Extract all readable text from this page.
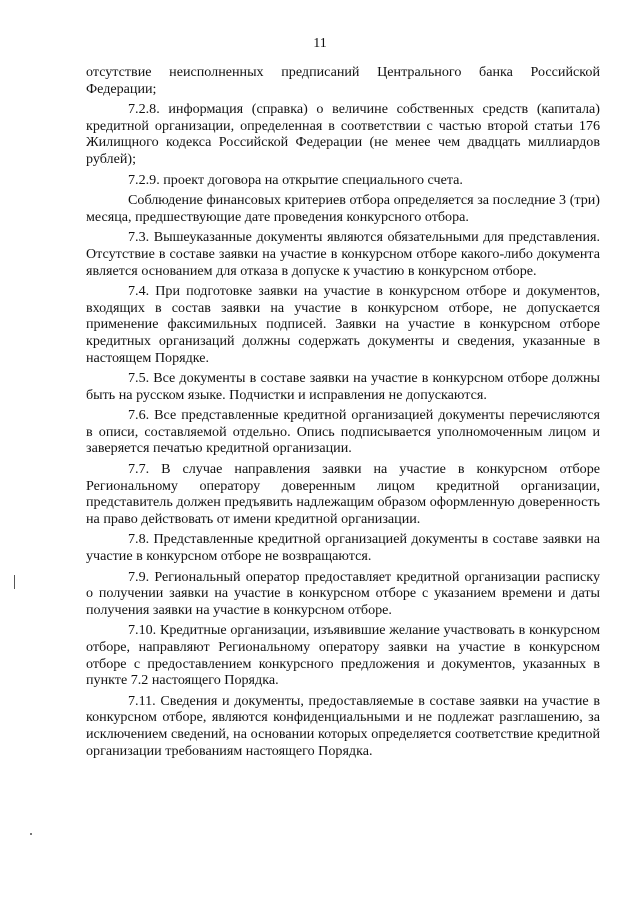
11

отсутствие неисполненных предписаний Центрального банка Российской Федерации;

7.2.8. информация (справка) о величине собственных средств (капитала) кредитной организации, определенная в соответствии с частью второй статьи 176 Жилищного кодекса Российской Федерации (не менее чем двадцать миллиардов рублей);

7.2.9. проект договора на открытие специального счета.

Соблюдение финансовых критериев отбора определяется за последние 3 (три) месяца, предшествующие дате проведения конкурсного отбора.

7.3. Вышеуказанные документы являются обязательными для представления. Отсутствие в составе заявки на участие в конкурсном отборе какого-либо документа является основанием для отказа в допуске к участию в конкурсном отборе.

7.4. При подготовке заявки на участие в конкурсном отборе и документов, входящих в состав заявки на участие в конкурсном отборе, не допускается применение факсимильных подписей. Заявки на участие в конкурсном отборе кредитных организаций должны содержать документы и сведения, указанные в настоящем Порядке.

7.5. Все документы в составе заявки на участие в конкурсном отборе должны быть на русском языке. Подчистки и исправления не допускаются.

7.6. Все представленные кредитной организацией документы перечисляются в описи, составляемой отдельно. Опись подписывается уполномоченным лицом и заверяется печатью кредитной организации.

7.7. В случае направления заявки на участие в конкурсном отборе Региональному оператору доверенным лицом кредитной организации, представитель должен предъявить надлежащим образом оформленную доверенность на право действовать от имени кредитной организации.

7.8. Представленные кредитной организацией документы в составе заявки на участие в конкурсном отборе не возвращаются.

7.9. Региональный оператор предоставляет кредитной организации расписку о получении заявки на участие в конкурсном отборе с указанием времени и даты получения заявки на участие в конкурсном отборе.

7.10. Кредитные организации, изъявившие желание участвовать в конкурсном отборе, направляют Региональному оператору заявки на участие в конкурсном отборе с предоставлением конкурсного предложения и документов, указанных в пункте 7.2 настоящего Порядка.

7.11. Сведения и документы, предоставляемые в составе заявки на участие в конкурсном отборе, являются конфиденциальными и не подлежат разглашению, за исключением сведений, на основании которых определяется соответствие кредитной организации требованиям настоящего Порядка.
